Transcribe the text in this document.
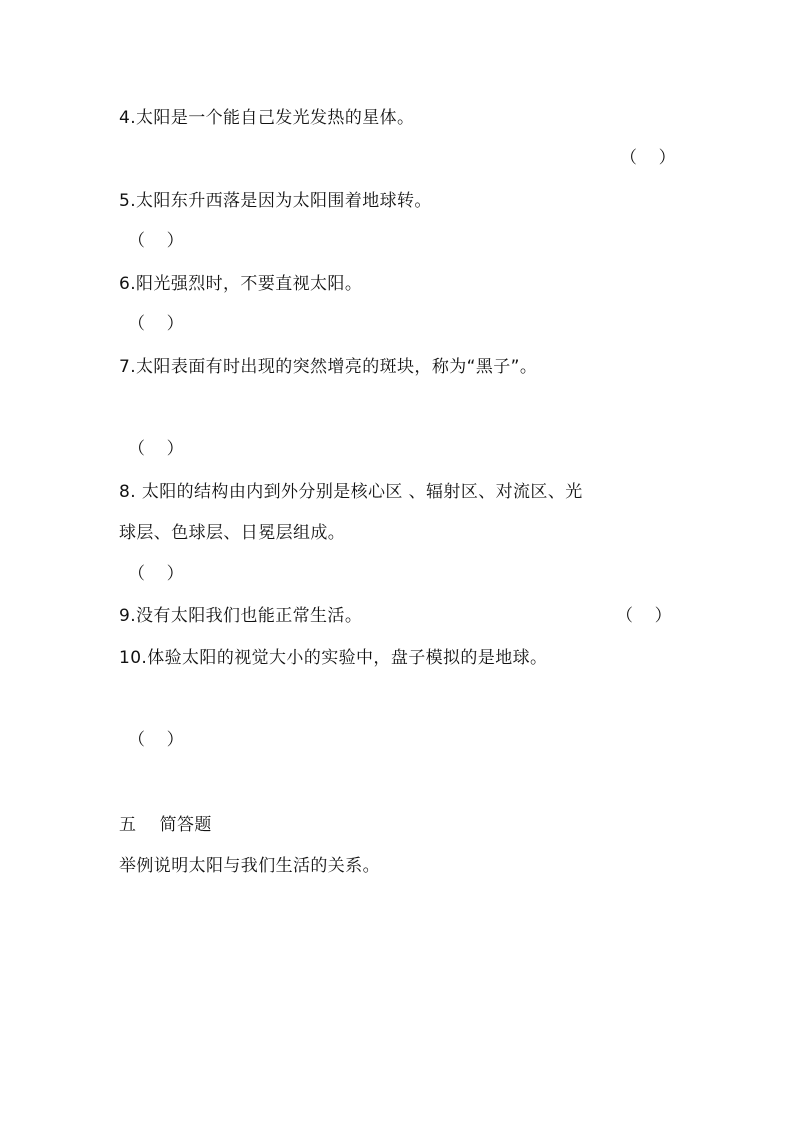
4.太阳是一个能自己发光发热的星体。
（    ）
5.太阳东升西落是因为太阳围着地球转。
（    ）
6.阳光强烈时，不要直视太阳。
（    ）
7.太阳表面有时出现的突然增亮的斑块，称为“黑子”。
（    ）
8. 太阳的结构由内到外分别是核心区 、辐射区、对流区、光
球层、色球层、日冕层组成。
（    ）
9.没有太阳我们也能正常生活。	（    ）
10.体验太阳的视觉大小的实验中，盘子模拟的是地球。
（    ）
五    简答题
举例说明太阳与我们生活的关系。
